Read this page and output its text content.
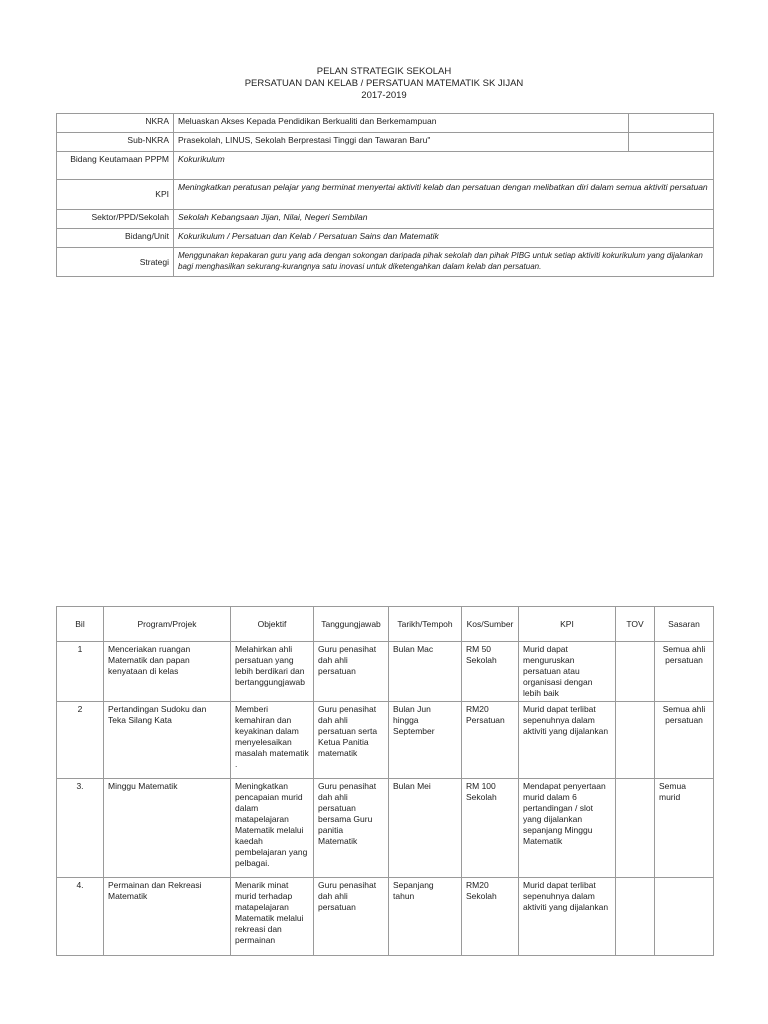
PELAN STRATEGIK SEKOLAH
PERSATUAN DAN KELAB / PERSATUAN MATEMATIK SK JIJAN
2017-2019
NKRA	Meluaskan Akses Kepada Pendidikan Berkualiti dan Berkemampuan	
Sub-NKRA	Prasekolah, LINUS, Sekolah Berprestasi Tinggi dan Tawaran Baru"	
Bidang Keutamaan PPPM	Kokurikulum	
KPI	Meningkatkan peratusan pelajar yang berminat menyertai aktiviti kelab dan persatuan dengan melibatkan diri dalam semua aktiviti persatuan	
Sektor/PPD/Sekolah	Sekolah Kebangsaan Jijan, Nilai, Negeri Sembilan	
Bidang/Unit	Kokurikulum / Persatuan dan Kelab / Persatuan Sains dan Matematik	
Strategi	Menggunakan kepakaran guru yang ada dengan sokongan daripada pihak sekolah dan pihak PIBG untuk setiap aktiviti kokurikulum yang dijalankan bagi menghasilkan sekurang-kurangnya satu inovasi untuk diketengahkan dalam kelab dan persatuan.	
Bil	Program/Projek	Objektif	Tanggungjawab	Tarikh/Tempoh	Kos/Sumber	KPI	TOV	Sasaran
1	Menceriakan ruangan Matematik dan papan kenyataan di kelas	Melahirkan ahli persatuan yang lebih berdikari dan bertanggungjawab	Guru penasihat dah ahli persatuan	Bulan Mac	RM 50 Sekolah	Murid dapat menguruskan persatuan atau organisasi dengan lebih baik		Semua ahli persatuan
2	Pertandingan Sudoku dan Teka Silang Kata	Memberi kemahiran dan keyakinan dalam menyelesaikan masalah matematik .	Guru penasihat dah ahli persatuan serta Ketua Panitia matematik	Bulan Jun hingga September	RM20 Persatuan	Murid dapat terlibat sepenuhnya dalam aktiviti yang dijalankan		Semua ahli persatuan
3.	Minggu Matematik	Meningkatkan pencapaian murid dalam matapelajaran Matematik melalui kaedah pembelajaran yang pelbagai.	Guru penasihat dah ahli persatuan bersama Guru panitia Matematik	Bulan Mei	RM 100 Sekolah	Mendapat penyertaan murid dalam 6 pertandingan / slot yang dijalankan sepanjang Minggu Matematik		Semua murid
4.	Permainan dan Rekreasi Matematik	Menarik minat murid terhadap matapelajaran Matematik melalui rekreasi dan permainan	Guru penasihat dah ahli persatuan	Sepanjang tahun	RM20 Sekolah	Murid dapat terlibat sepenuhnya dalam aktiviti yang dijalankan		
